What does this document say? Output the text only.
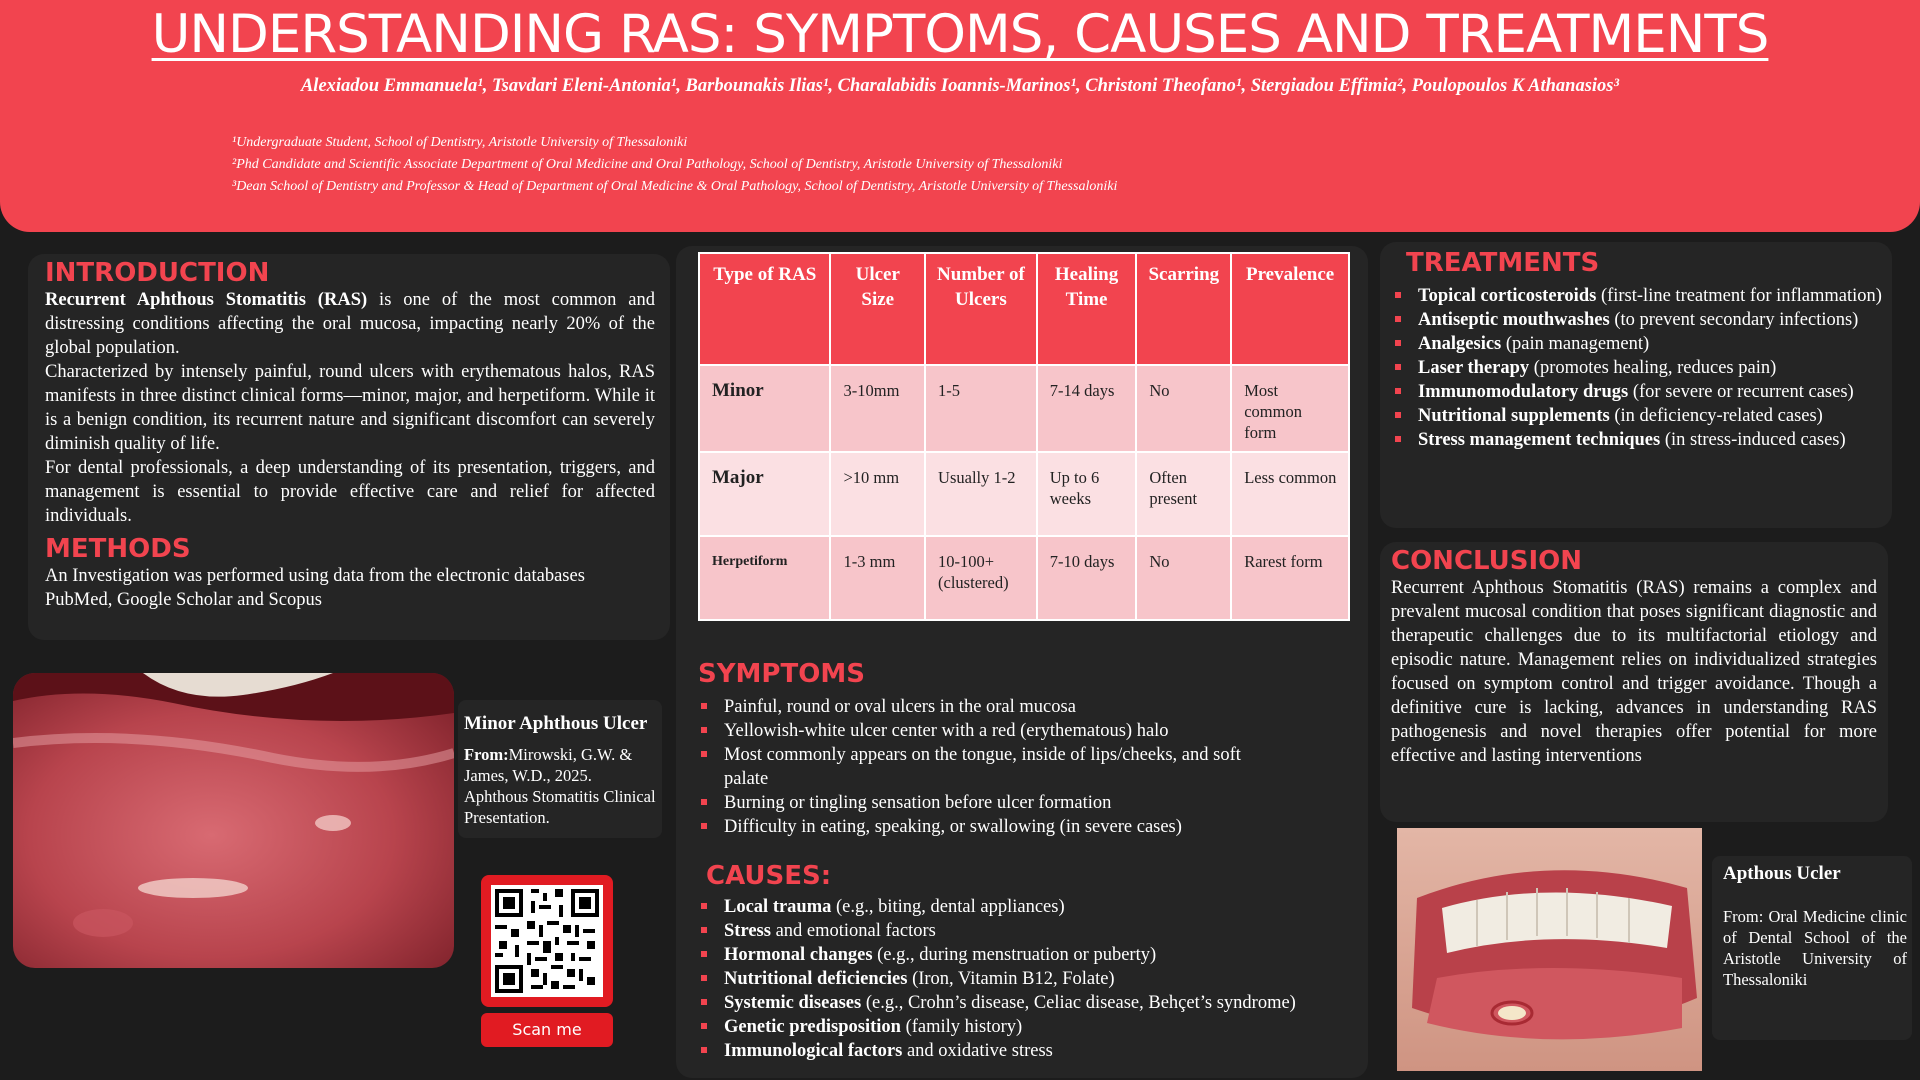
UNDERSTANDING RAS: SYMPTOMS, CAUSES AND TREATMENTS
Alexiadou Emmanuela¹, Tsavdari Eleni-Antonia¹, Barbounakis Ilias¹, Charalabidis Ioannis-Marinos¹, Christoni Theofano¹, Stergiadou Effimia², Poulopoulos K Athanasios³
¹Undergraduate Student, School of Dentistry, Aristotle University of Thessaloniki
²Phd Candidate and Scientific Associate Department of Oral Medicine and Oral Pathology, School of Dentistry, Aristotle University of Thessaloniki
³Dean School of Dentistry and Professor & Head of Department of Oral Medicine & Oral Pathology, School of Dentistry, Aristotle University of Thessaloniki
INTRODUCTION

Recurrent Aphthous Stomatitis (RAS) is one of the most common and distressing conditions affecting the oral mucosa, impacting nearly 20% of the global population.

Characterized by intensely painful, round ulcers with erythematous halos, RAS manifests in three distinct clinical forms—minor, major, and herpetiform. While it is a benign condition, its recurrent nature and significant discomfort can severely diminish quality of life.

For dental professionals, a deep understanding of its presentation, triggers, and management is essential to provide effective care and relief for affected individuals.

METHODS

An Investigation was performed using data from the electronic databases PubMed, Google Scholar and Scopus

Minor Aphthous Ulcer
From:Mirowski, G.W. & James, W.D., 2025. Aphthous Stomatitis Clinical Presentation.
Scan me
Type of RAS	Ulcer Size	Number of Ulcers	Healing Time	Scarring	Prevalence
Minor	3-10mm	1-5	7-14 days	No	Most common form
Major	>10 mm	Usually 1-2	Up to 6 weeks	Often present	Less common
Herpetiform	1-3 mm	10-100+ (clustered)	7-10 days	No	Rarest form
SYMPTOMS
Painful, round or oval ulcers in the oral mucosa
Yellowish-white ulcer center with a red (erythematous) halo
Most commonly appears on the tongue, inside of lips/cheeks, and soft palate
Burning or tingling sensation before ulcer formation
Difficulty in eating, speaking, or swallowing (in severe cases)
CAUSES:
Local trauma (e.g., biting, dental appliances)
Stress and emotional factors
Hormonal changes (e.g., during menstruation or puberty)
Nutritional deficiencies (Iron, Vitamin B12, Folate)
Systemic diseases (e.g., Crohn’s disease, Celiac disease, Behçet’s syndrome)
Genetic predisposition (family history)
Immunological factors and oxidative stress
TREATMENTS
Topical corticosteroids (first-line treatment for inflammation)
Antiseptic mouthwashes (to prevent secondary infections)
Analgesics (pain management)
Laser therapy (promotes healing, reduces pain)
Immunomodulatory drugs (for severe or recurrent cases)
Nutritional supplements (in deficiency-related cases)
Stress management techniques (in stress-induced cases)
CONCLUSION

Recurrent Aphthous Stomatitis (RAS) remains a complex and prevalent mucosal condition that poses significant diagnostic and therapeutic challenges due to its multifactorial etiology and episodic nature. Management relies on individualized strategies focused on symptom control and trigger avoidance. Though a definitive cure is lacking, advances in understanding RAS pathogenesis and novel therapies offer potential for more effective and lasting interventions

Apthous Ucler
From: Oral Medicine clinic of Dental School of the Aristotle University of Thessaloniki
